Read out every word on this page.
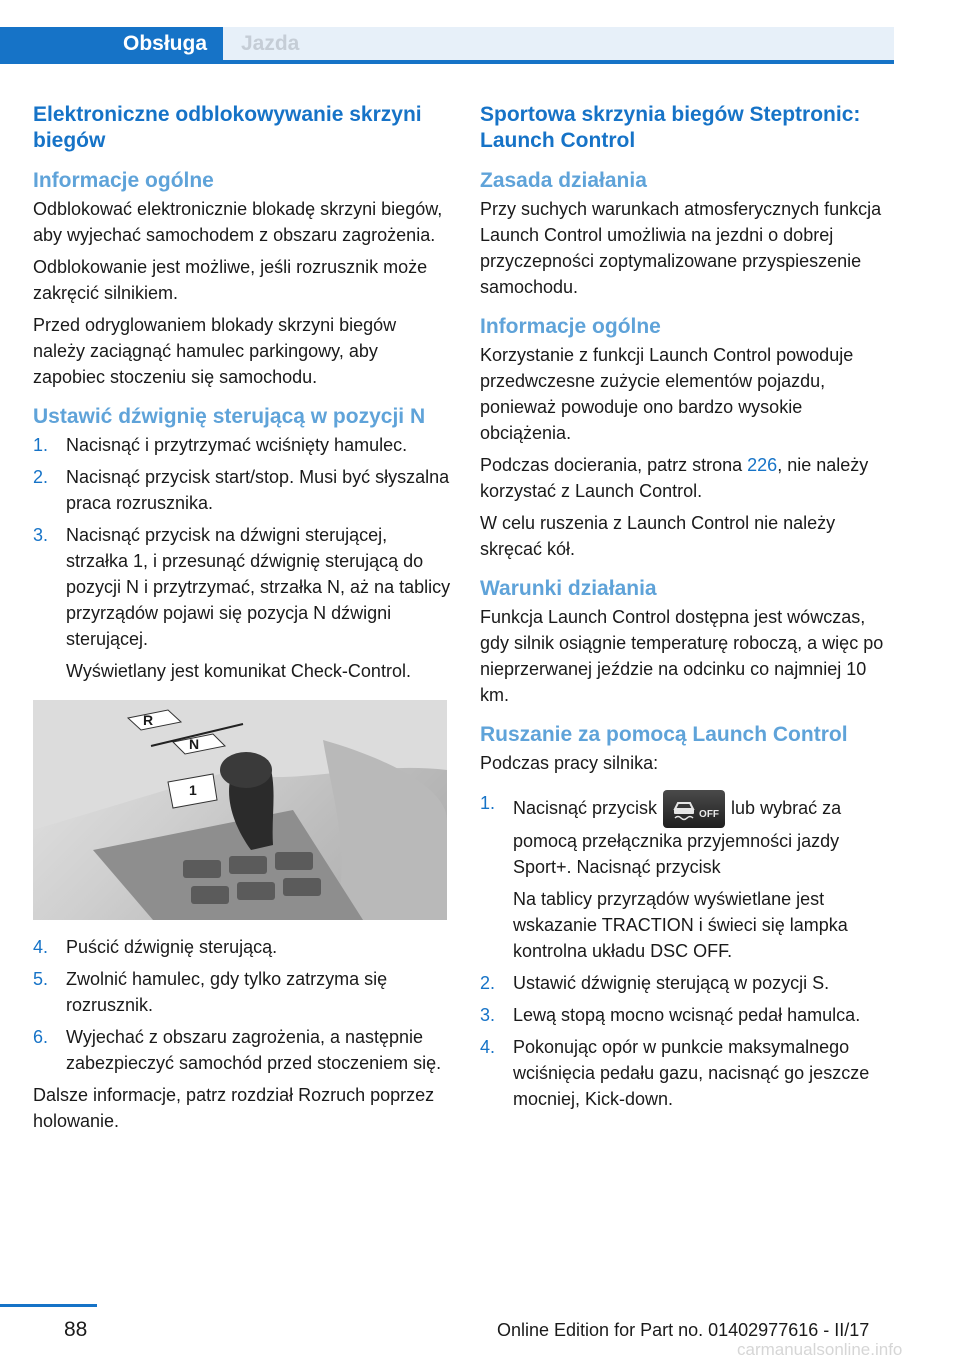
Obsługa	Jazda
Elektroniczne odblokowywanie skrzyni biegów
Informacje ogólne

Odblokować elektronicznie blokadę skrzyni biegów, aby wyjechać samochodem z obszaru zagrożenia.

Odblokowanie jest możliwe, jeśli rozrusznik może zakręcić silnikiem.

Przed odryglowaniem blokady skrzyni biegów należy zaciągnąć hamulec parkingowy, aby zapobiec stoczeniu się samochodu.

Ustawić dźwignię sterującą w pozycji N
1. Nacisnąć i przytrzymać wciśnięty hamulec.
2. Nacisnąć przycisk start/stop. Musi być słyszalna praca rozrusznika.
3. Nacisnąć przycisk na dźwigni sterującej, strzałka 1, i przesunąć dźwignię sterującą do pozycji N i przytrzymać, strzałka N, aż na tablicy przyrządów pojawi się pozycja N dźwigni sterującej.
Wyświetlany jest komunikat Check-Control.
R
N
1
4. Puścić dźwignię sterującą.
5. Zwolnić hamulec, gdy tylko zatrzyma się rozrusznik.
6. Wyjechać z obszaru zagrożenia, a następnie zabezpieczyć samochód przed stoczeniem się.

Dalsze informacje, patrz rozdział Rozruch poprzez holowanie.

Sportowa skrzynia biegów Steptronic: Launch Control
Zasada działania

Przy suchych warunkach atmosferycznych funkcja Launch Control umożliwia na jezdni o dobrej przyczepności zoptymalizowane przyspieszenie samochodu.

Informacje ogólne

Korzystanie z funkcji Launch Control powoduje przedwczesne zużycie elementów pojazdu, ponieważ powoduje ono bardzo wysokie obciążenia.

Podczas docierania, patrz strona 226, nie należy korzystać z Launch Control.

W celu ruszenia z Launch Control nie należy skręcać kół.

Warunki działania

Funkcja Launch Control dostępna jest wówczas, gdy silnik osiągnie temperaturę roboczą, a więc po nieprzerwanej jeździe na odcinku co najmniej 10 km.

Ruszanie za pomocą Launch Control

Podczas pracy silnika:

1. Nacisnąć przycisk	OFF lub wybrać za pomocą przełącznika przyjemności jazdy Sport+. Nacisnąć przycisk
Na tablicy przyrządów wyświetlane jest wskazanie TRACTION i świeci się lampka kontrolna układu DSC OFF.
2. Ustawić dźwignię sterującą w pozycji S.
3. Lewą stopą mocno wcisnąć pedał hamulca.
4. Pokonując opór w punkcie maksymalnego wciśnięcia pedału gazu, nacisnąć go jeszcze mocniej, Kick-down.
88	Online Edition for Part no. 01402977616 - II/17
carmanualsonline.info
